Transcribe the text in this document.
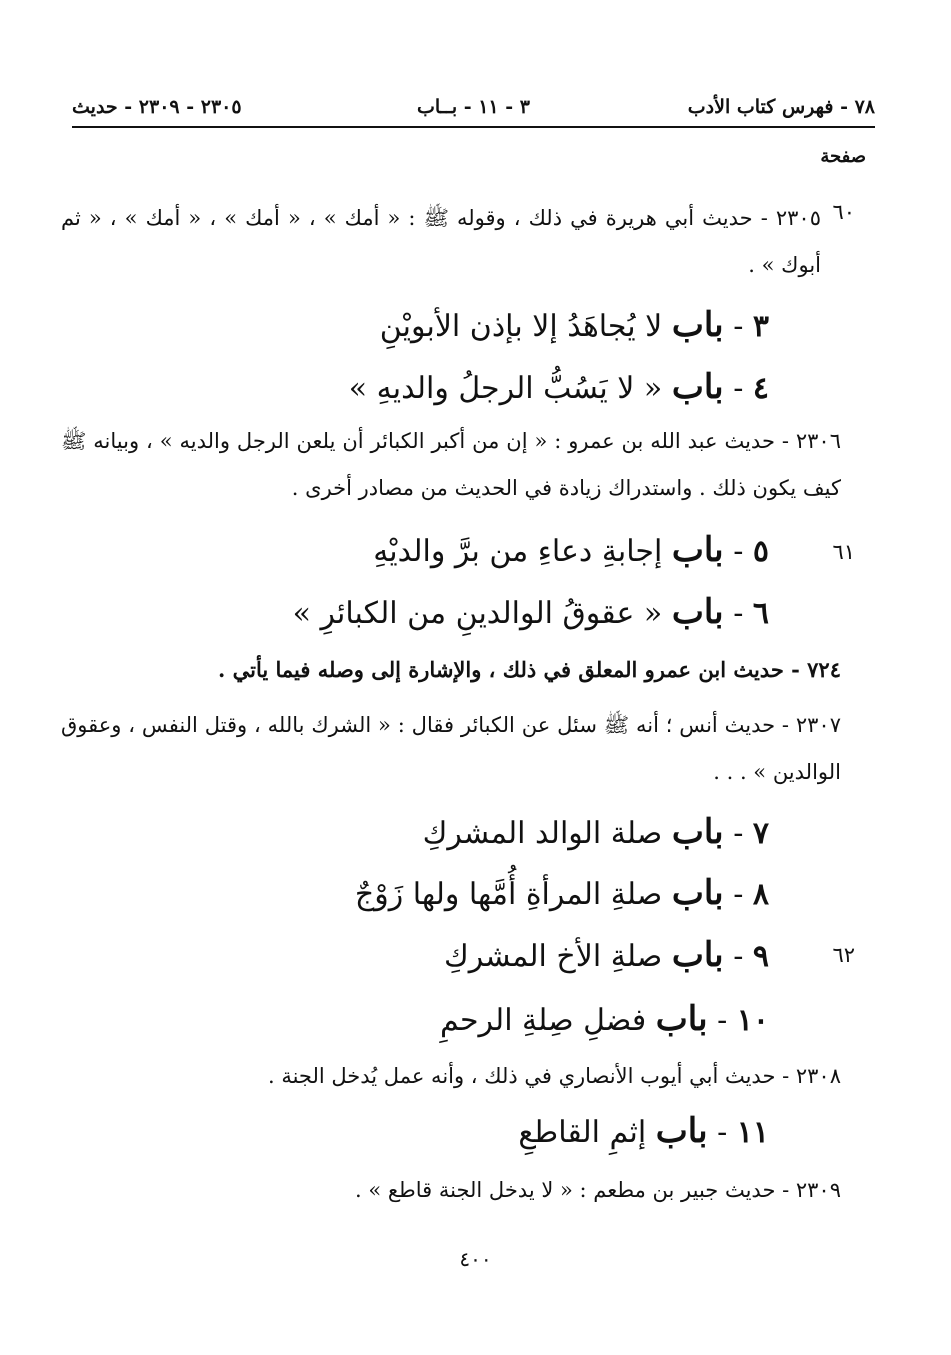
٧٨ - فهرس كتاب الأدب
٣ - ١١ - بــاب
٢٣٠٥ - ٢٣٠٩ - حديث
صفحة
٦٠
٢٣٠٥ - حديث أبي هريرة في ذلك ، وقوله ﷺ : « أمك » ، « أمك » ، « أمك » ، « ثم أبوك » .
٣ - باب لا يُجاهَدُ إلا بإذن الأبويْنِ
٤ - باب « لا يَسُبُّ الرجلُ والديهِ »
٢٣٠٦ - حديث عبد الله بن عمرو : « إن من أكبر الكبائر أن يلعن الرجل والديه » ، وبيانه ﷺ كيف يكون ذلك . واستدراك زيادة في الحديث من مصادر أخرى .
٦١
٥ - باب إجابةِ دعاءِ من برَّ والديْهِ
٦ - باب « عقوقُ الوالدينِ من الكبائرِ »
٧٢٤ - حديث ابن عمرو المعلق في ذلك ، والإشارة إلى وصله فيما يأتي .
٢٣٠٧ - حديث أنس ؛ أنه ﷺ سئل عن الكبائر فقال : « الشرك بالله ، وقتل النفس ، وعقوق الوالدين » . . .
٧ - باب صلة الوالد المشركِ
٨ - باب صلةِ المرأةِ أُمَّها ولها زَوْجٌ
٦٢
٩ - باب صلةِ الأخ المشركِ
١٠ - باب فضلِ صِلةِ الرحمِ
٢٣٠٨ - حديث أبي أيوب الأنصاري في ذلك ، وأنه عمل يُدخل الجنة .
١١ - باب إثمِ القاطعِ
٢٣٠٩ - حديث جبير بن مطعم : « لا يدخل الجنة قاطع » .
٤٠٠
